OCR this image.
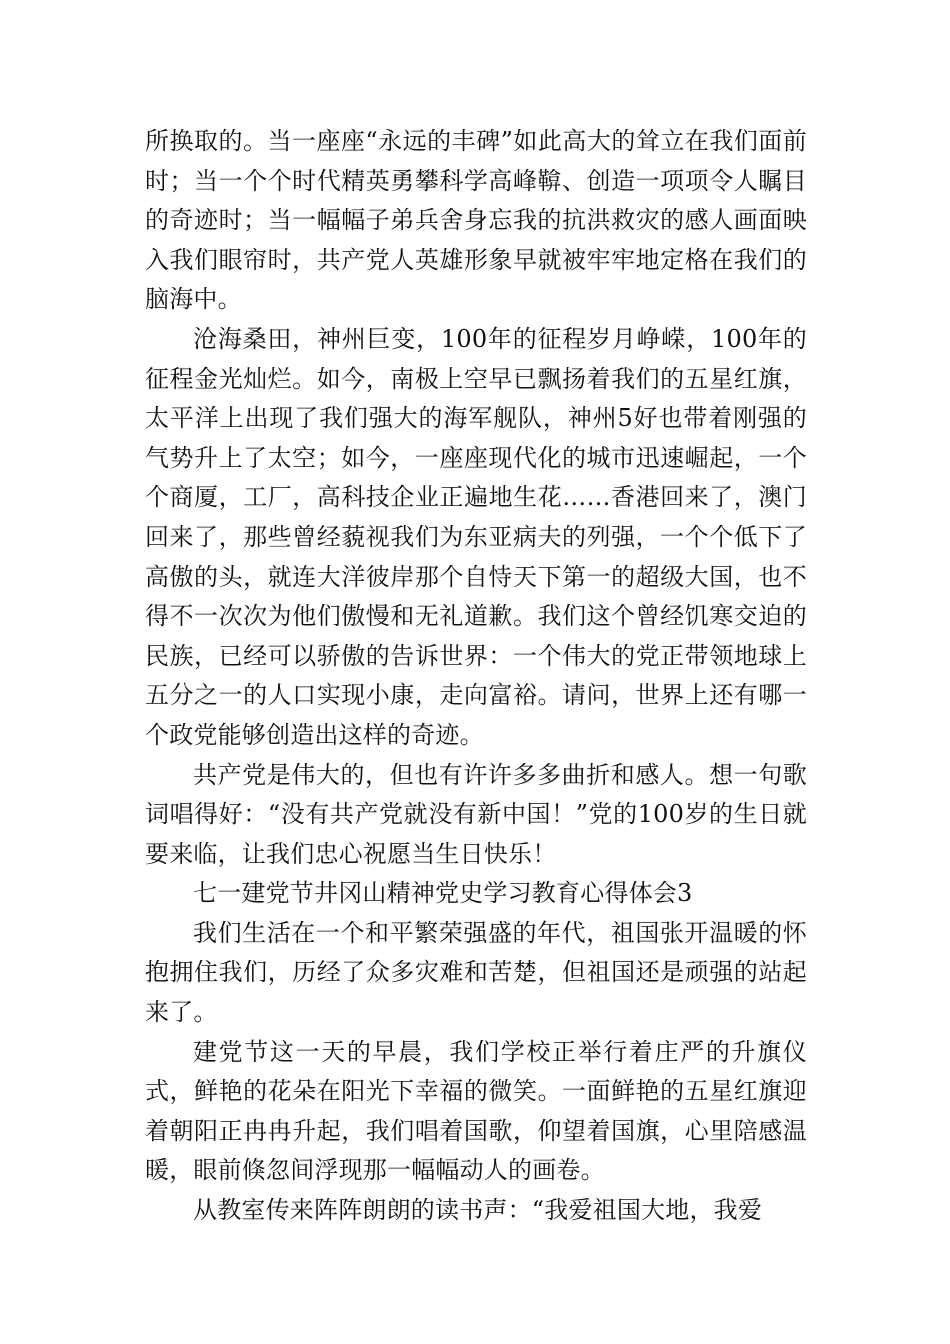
所换取的。当一座座“永远的丰碑”如此高大的耸立在我们面前时；当一个个时代精英勇攀科学高峰鞥、创造一项项令人瞩目的奇迹时；当一幅幅子弟兵舍身忘我的抗洪救灾的感人画面映入我们眼帘时，共产党人英雄形象早就被牢牢地定格在我们的脑海中。

沧海桑田，神州巨变，100年的征程岁月峥嵘，100年的征程金光灿烂。如今，南极上空早已飘扬着我们的五星红旗，太平洋上出现了我们强大的海军舰队，神州5好也带着刚强的气势升上了太空；如今，一座座现代化的城市迅速崛起，一个个商厦，工厂，高科技企业正遍地生花……香港回来了，澳门回来了，那些曾经藐视我们为东亚病夫的列强，一个个低下了高傲的头，就连大洋彼岸那个自恃天下第一的超级大国，也不得不一次次为他们傲慢和无礼道歉。我们这个曾经饥寒交迫的民族，已经可以骄傲的告诉世界：一个伟大的党正带领地球上五分之一的人口实现小康，走向富裕。请问，世界上还有哪一个政党能够创造出这样的奇迹。

共产党是伟大的，但也有许许多多曲折和感人。想一句歌词唱得好：“没有共产党就没有新中国！”党的100岁的生日就要来临，让我们忠心祝愿当生日快乐！

七一建党节井冈山精神党史学习教育心得体会3

我们生活在一个和平繁荣强盛的年代，祖国张开温暖的怀抱拥住我们，历经了众多灾难和苦楚，但祖国还是顽强的站起来了。

建党节这一天的早晨，我们学校正举行着庄严的升旗仪式，鲜艳的花朵在阳光下幸福的微笑。一面鲜艳的五星红旗迎着朝阳正冉冉升起，我们唱着国歌，仰望着国旗，心里陪感温暖，眼前倏忽间浮现那一幅幅动人的画卷。

从教室传来阵阵朗朗的读书声：“我爱祖国大地，我爱
